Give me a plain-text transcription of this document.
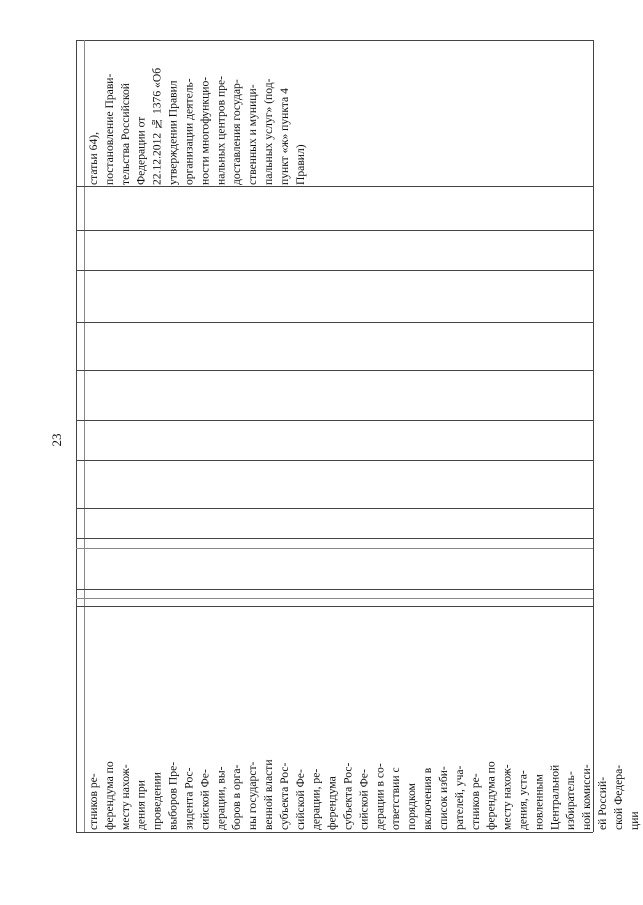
23
статьи 64),
постановление Прави-
тельства Российской
Федерации от
22.12.2012 № 1376 «Об
утверждении Правил
организации деятель-
ности многофункцио-
нальных центров пре-
доставления государ-
ственных и муници-
пальных услуг» (под-
пункт «ж» пункта 4
Правил)
стников ре-
ферендума по
месту нахож-
дения при
проведении
выборов Пре-
зидента Рос-
сийской Фе-
дерации, вы-
боров в орга-
ны государст-
венной власти
субъекта Рос-
сийской Фе-
дерации, ре-
ферендума
субъекта Рос-
сийской Фе-
дерации в со-
ответствии с
порядком
включения в
список изби-
рателей, уча-
стников ре-
ферендума по
месту нахож-
дения, уста-
новленным
Центральной
избиратель-
ной комисси-
ей Россий-
ской Федера-
ции
